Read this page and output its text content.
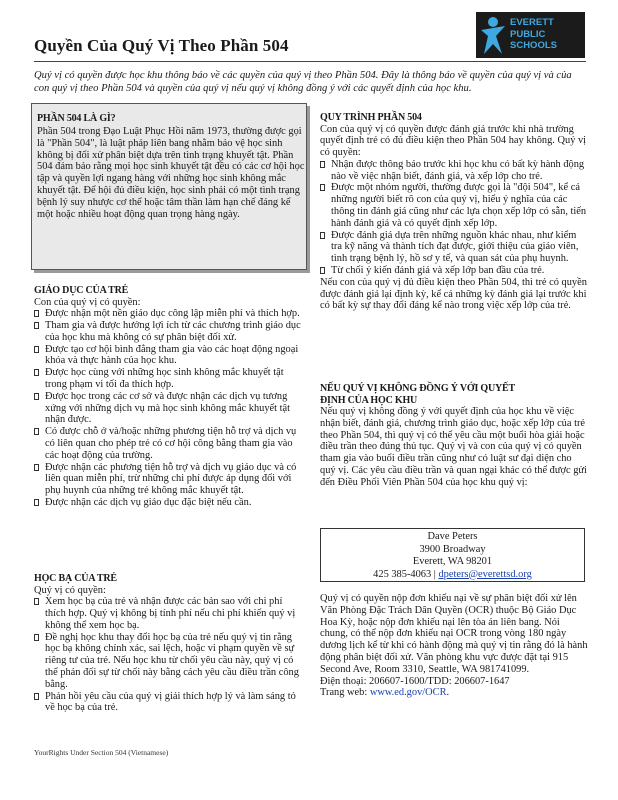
Quyền Của Quý Vị Theo Phần 504
EVERETT
PUBLIC
SCHOOLS
Quý vị có quyền được học khu thông báo về các quyền của quý vị theo Phần 504. Đây là thông báo về quyền của quý vị và của con quý vị theo Phần 504 và quyền của quý vị nếu quý vị không đồng ý với các quyết định của học khu.
PHẦN 504 LÀ GÌ?
Phần 504 trong Đạo Luật Phục Hồi năm 1973, thường được gọi là "Phần 504", là luật pháp liên bang nhằm bảo vệ học sinh không bị đối xử phân biệt dựa trên tình trạng khuyết tật. Phần 504 đảm bảo rằng mọi học sinh khuyết tật đều có các cơ hội học tập và quyền lợi ngang hàng với những học sinh không mắc khuyết tật. Để hội đủ điều kiện, học sinh phải có một tình trạng bệnh lý suy nhược cơ thể hoặc tâm thần làm hạn chế đáng kể một hoặc nhiều hoạt động quan trọng hàng ngày.
GIÁO DỤC CỦA TRẺ
Con của quý vị có quyền:
Được nhận một nền giáo dục công lập miễn phí và thích hợp.
Tham gia và được hưởng lợi ích từ các chương trình giáo dục của học khu mà không có sự phân biệt đối xử.
Được tạo cơ hội bình đẳng tham gia vào các hoạt động ngoại khóa và thực hành của học khu.
Được học cùng với những học sinh không mắc khuyết tật trong phạm vi tối đa thích hợp.
Được học trong các cơ sở và được nhận các dịch vụ tương xứng với những dịch vụ mà học sinh không mắc khuyết tật nhận được.
Có được chỗ ở và/hoặc những phương tiện hỗ trợ và dịch vụ có liên quan cho phép trẻ có cơ hội công bằng tham gia vào các hoạt động của trường.
Được nhận các phương tiện hỗ trợ và dịch vụ giáo dục và có liên quan miễn phí, trừ những chi phí được áp dụng đối với phụ huynh của những trẻ không mắc khuyết tật.
Được nhận các dịch vụ giáo dục đặc biệt nếu cần.
HỌC BẠ CỦA TRẺ
Quý vị có quyền:
Xem học bạ của trẻ và nhận được các bản sao với chi phí thích hợp. Quý vị không bị tính phí nếu chi phí khiến quý vị không thể xem học bạ.
Đề nghị học khu thay đổi học bạ của trẻ nếu quý vị tin rằng học bạ không chính xác, sai lệch, hoặc vi phạm quyền về sự riêng tư của trẻ. Nếu học khu từ chối yêu cầu này, quý vị có thể phản đối sự từ chối này bằng cách yêu cầu điều trần công bằng.
Phản hồi yêu cầu của quý vị giải thích hợp lý và làm sáng tỏ về học bạ của trẻ.
QUY TRÌNH PHẦN 504
Con của quý vị có quyền được đánh giá trước khi nhà trường quyết định trẻ có đủ điều kiện theo Phần 504 hay không. Quý vị có quyền:
Nhận được thông báo trước khi học khu có bất kỳ hành động nào về việc nhận biết, đánh giá, và xếp lớp cho trẻ.
Được một nhóm người, thường được gọi là "đội 504", kể cả những người biết rõ con của quý vị, hiểu ý nghĩa của các thông tin đánh giá cũng như các lựa chọn xếp lớp có sẵn, tiến hành đánh giá và có quyết định xếp lớp.
Được đánh giá dựa trên những nguồn khác nhau, như kiểm tra kỹ năng và thành tích đạt được, giới thiệu của giáo viên, tình trạng bệnh lý, hồ sơ y tế, và quan sát của phụ huynh.
Từ chối ý kiến đánh giá và xếp lớp ban đầu của trẻ.
Nếu con của quý vị đủ điều kiện theo Phần 504, thì trẻ có quyền được đánh giá lại định kỳ, kể cả những kỳ đánh giá lại trước khi có bất kỳ sự thay đổi đáng kể nào trong việc xếp lớp của trẻ.
NẾU QUÝ VỊ KHÔNG ĐỒNG Ý VỚI QUYẾT
ĐỊNH CỦA HỌC KHU
Nếu quý vị không đồng ý với quyết định của học khu về việc nhận biết, đánh giá, chương trình giáo dục, hoặc xếp lớp của trẻ theo Phần 504, thì quý vị có thể yêu cầu một buổi hòa giải hoặc điều trần theo đúng thủ tục. Quý vị và con của quý vị có quyền tham gia vào buổi điều trần cũng như có luật sư đại diện cho quý vị. Các yêu cầu điều trần và quan ngại khác có thể được gửi đến Điều Phối Viên Phần 504 của học khu quý vị:
Dave Peters
3900 Broadway
Everett, WA 98201
425 385-4063 | dpeters@everettsd.org
Quý vị có quyền nộp đơn khiếu nại về sự phân biệt đối xử lên Văn Phòng Đặc Trách Dân Quyền (OCR) thuộc Bộ Giáo Dục Hoa Kỳ, hoặc nộp đơn khiếu nại lên tòa án liên bang. Nói chung, có thể nộp đơn khiếu nại OCR trong vòng 180 ngày dương lịch kể từ khi có hành động mà quý vị tin rằng đó là hành động phân biệt đối xử. Văn phòng khu vực được đặt tại 915 Second Ave, Room 3310, Seattle, WA 981741099.
Điện thoại: 206607-1600/TDD: 206607-1647
Trang web: www.ed.gov/OCR.
YourRights Under Section 504 (Vietnamese)
